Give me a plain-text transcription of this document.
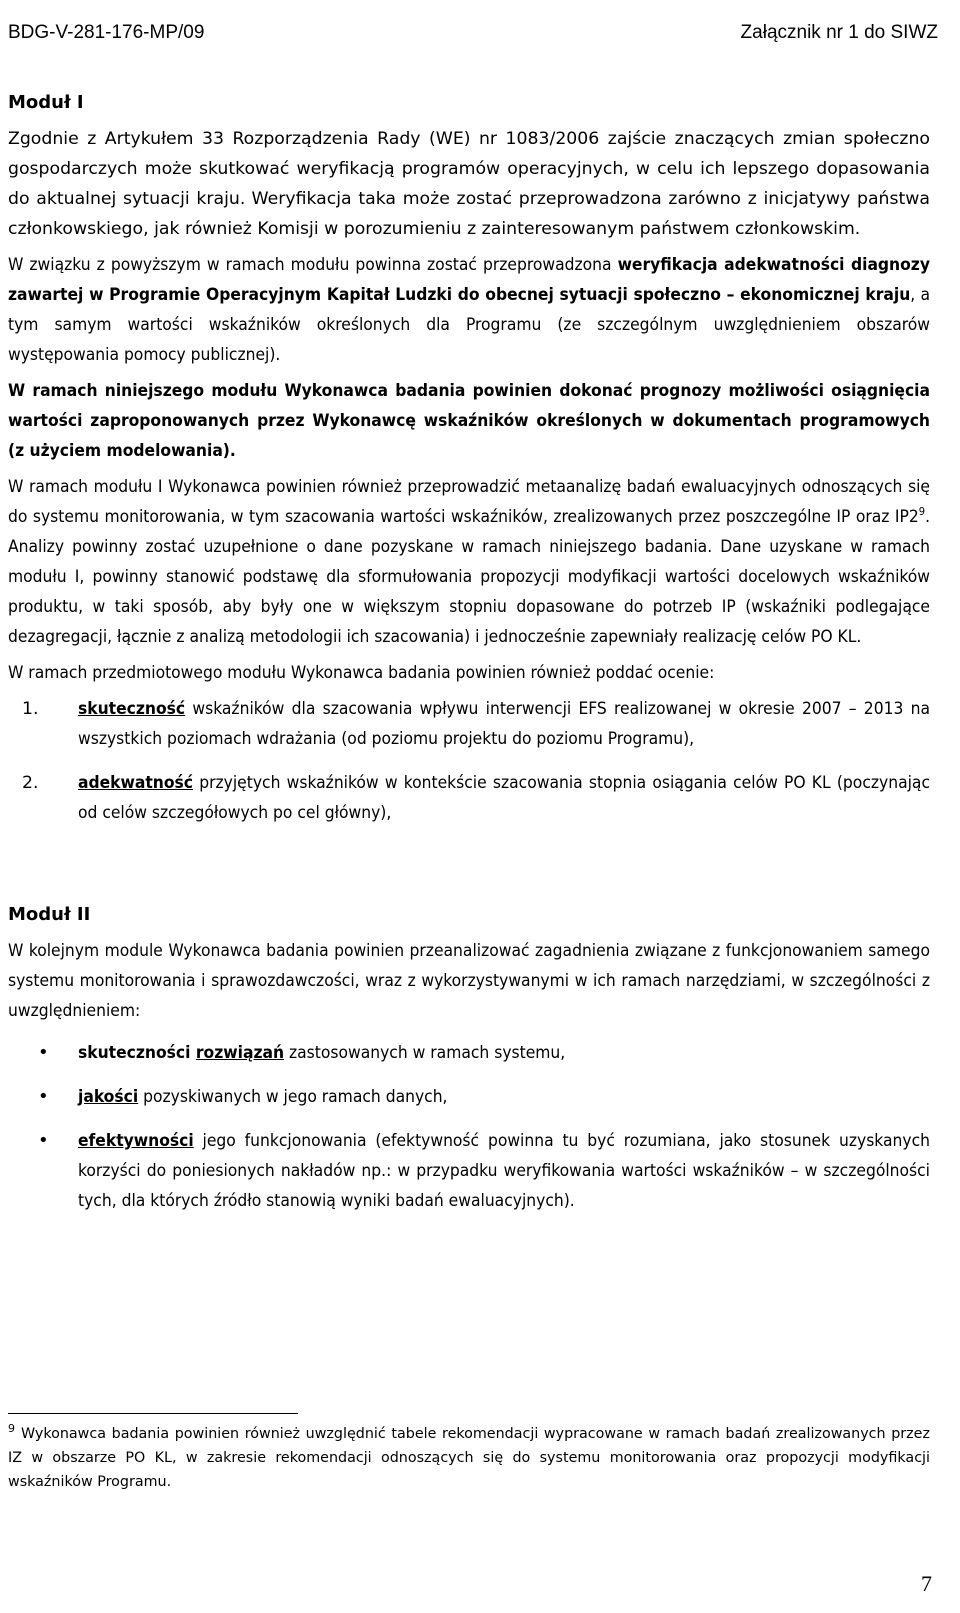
BDG-V-281-176-MP/09	Załącznik nr 1 do SIWZ

Moduł I

Zgodnie z Artykułem 33 Rozporządzenia Rady (WE) nr 1083/2006 zajście znaczących zmian społeczno gospodarczych może skutkować weryfikacją programów operacyjnych, w celu ich lepszego dopasowania do aktualnej sytuacji kraju. Weryfikacja taka może zostać przeprowadzona zarówno z inicjatywy państwa członkowskiego, jak również Komisji w porozumieniu z zainteresowanym państwem członkowskim.

W związku z powyższym w ramach modułu powinna zostać przeprowadzona weryfikacja adekwatności diagnozy zawartej w Programie Operacyjnym Kapitał Ludzki do obecnej sytuacji społeczno – ekonomicznej kraju, a tym samym wartości wskaźników określonych dla Programu (ze szczególnym uwzględnieniem obszarów występowania pomocy publicznej).

W ramach niniejszego modułu Wykonawca badania powinien dokonać prognozy możliwości osiągnięcia wartości zaproponowanych przez Wykonawcę wskaźników określonych w dokumentach programowych (z użyciem modelowania).

W ramach modułu I Wykonawca powinien również przeprowadzić metaanalizę badań ewaluacyjnych odnoszących się do systemu monitorowania, w tym szacowania wartości wskaźników, zrealizowanych przez poszczególne IP oraz $IP2^9$. Analizy powinny zostać uzupełnione o dane pozyskane w ramach niniejszego badania. Dane uzyskane w ramach modułu I, powinny stanowić podstawę dla sformułowania propozycji modyfikacji wartości docelowych wskaźników produktu, w taki sposób, aby były one w większym stopniu dopasowane do potrzeb IP (wskaźniki podlegające dezagregacji, łącznie z analizą metodologii ich szacowania) i jednocześnie zapewniały realizację celów PO KL.

W ramach przedmiotowego modułu Wykonawca badania powinien również poddać ocenie:

1.	skuteczność wskaźników dla szacowania wpływu interwencji EFS realizowanej w okresie 2007 – 2013 na wszystkich poziomach wdrażania (od poziomu projektu do poziomu Programu),

2.	adekwatność przyjętych wskaźników w kontekście szacowania stopnia osiągania celów PO KL (poczynając od celów szczegółowych po cel główny),

Moduł II

W kolejnym module Wykonawca badania powinien przeanalizować zagadnienia związane z funkcjonowaniem samego systemu monitorowania i sprawozdawczości, wraz z wykorzystywanymi w ich ramach narzędziami, w szczególności z uwzględnieniem:

•	skuteczności rozwiązań zastosowanych w ramach systemu,

•	jakości pozyskiwanych w jego ramach danych,

•	efektywności jego funkcjonowania (efektywność powinna tu być rozumiana, jako stosunek uzyskanych korzyści do poniesionych nakładów np.: w przypadku weryfikowania wartości wskaźników – w szczególności tych, dla których źródło stanowią wyniki badań ewaluacyjnych).

$^9$ Wykonawca badania powinien również uwzględnić tabele rekomendacji wypracowane w ramach badań zrealizowanych przez IZ w obszarze PO KL, w zakresie rekomendacji odnoszących się do systemu monitorowania oraz propozycji modyfikacji wskaźników Programu.

7
